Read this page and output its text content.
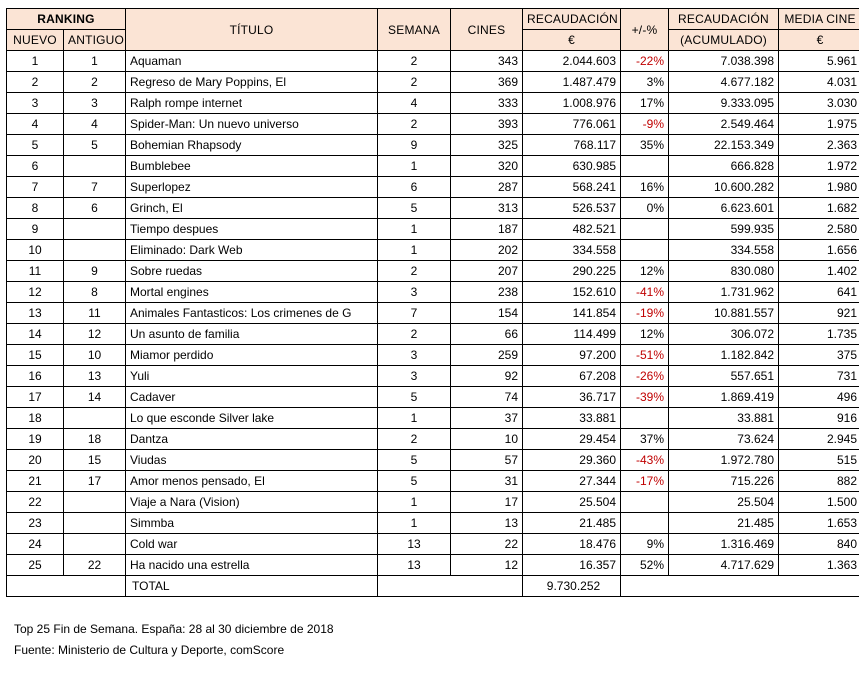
RANKING		TÍTULO	SEMANA	CINES	RECAUDACIÓN	+/-%	RECAUDACIÓN	MEDIA CINE
NUEVO	ANTIGUO				€		(ACUMULADO)	€
1	1	Aquaman	2	343	2.044.603	-22%	7.038.398	5.961
2	2	Regreso de Mary Poppins, El	2	369	1.487.479	3%	4.677.182	4.031
3	3	Ralph rompe internet	4	333	1.008.976	17%	9.333.095	3.030
4	4	Spider-Man: Un nuevo universo	2	393	776.061	-9%	2.549.464	1.975
5	5	Bohemian Rhapsody	9	325	768.117	35%	22.153.349	2.363
6		Bumblebee	1	320	630.985		666.828	1.972
7	7	Superlopez	6	287	568.241	16%	10.600.282	1.980
8	6	Grinch, El	5	313	526.537	0%	6.623.601	1.682
9		Tiempo despues	1	187	482.521		599.935	2.580
10		Eliminado: Dark Web	1	202	334.558		334.558	1.656
11	9	Sobre ruedas	2	207	290.225	12%	830.080	1.402
12	8	Mortal engines	3	238	152.610	-41%	1.731.962	641
13	11	Animales Fantasticos: Los crimenes de G	7	154	141.854	-19%	10.881.557	921
14	12	Un asunto de familia	2	66	114.499	12%	306.072	1.735
15	10	Miamor perdido	3	259	97.200	-51%	1.182.842	375
16	13	Yuli	3	92	67.208	-26%	557.651	731
17	14	Cadaver	5	74	36.717	-39%	1.869.419	496
18		Lo que esconde Silver lake	1	37	33.881		33.881	916
19	18	Dantza	2	10	29.454	37%	73.624	2.945
20	15	Viudas	5	57	29.360	-43%	1.972.780	515
21	17	Amor menos pensado, El	5	31	27.344	-17%	715.226	882
22		Viaje a Nara (Vision)	1	17	25.504		25.504	1.500
23		Simmba	1	13	21.485		21.485	1.653
24		Cold war	13	22	18.476	9%	1.316.469	840
25	22	Ha nacido una estrella	13	12	16.357	52%	4.717.629	1.363
		TOTAL			9.730.252			
Top 25 Fin de Semana. España: 28 al 30 diciembre de 2018
Fuente: Ministerio de Cultura y Deporte, comScore
